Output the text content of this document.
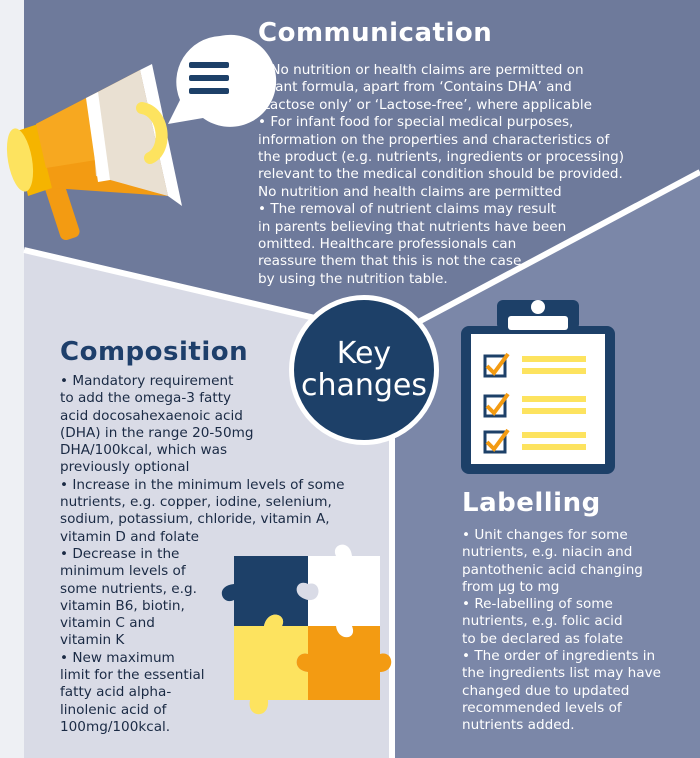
Communication
• No nutrition or health claims are permitted on
infant formula, apart from ‘Contains DHA’ and
‘Lactose only’ or ‘Lactose-free’, where applicable
• For infant food for special medical purposes,
information on the properties and characteristics of
the product (e.g. nutrients, ingredients or processing)
relevant to the medical condition should be provided.
No nutrition and health claims are permitted
• The removal of nutrient claims may result
in parents believing that nutrients have been
omitted. Healthcare professionals can
reassure them that this is not the case
by using the nutrition table.
Key
changes
Composition
• Mandatory requirement
to add the omega-3 fatty
acid docosahexaenoic acid
(DHA) in the range 20-50mg
DHA/100kcal, which was
previously optional
• Increase in the minimum levels of some
nutrients, e.g. copper, iodine, selenium,
sodium, potassium, chloride, vitamin A,
vitamin D and folate
• Decrease in the
minimum levels of
some nutrients, e.g.
vitamin B6, biotin,
vitamin C and
vitamin K
• New maximum
limit for the essential
fatty acid alpha-
linolenic acid of
100mg/100kcal.
Labelling
• Unit changes for some
nutrients, e.g. niacin and
pantothenic acid changing
from µg to mg
• Re-labelling of some
nutrients, e.g. folic acid
to be declared as folate
• The order of ingredients in
the ingredients list may have
changed due to updated
recommended levels of
nutrients added.
